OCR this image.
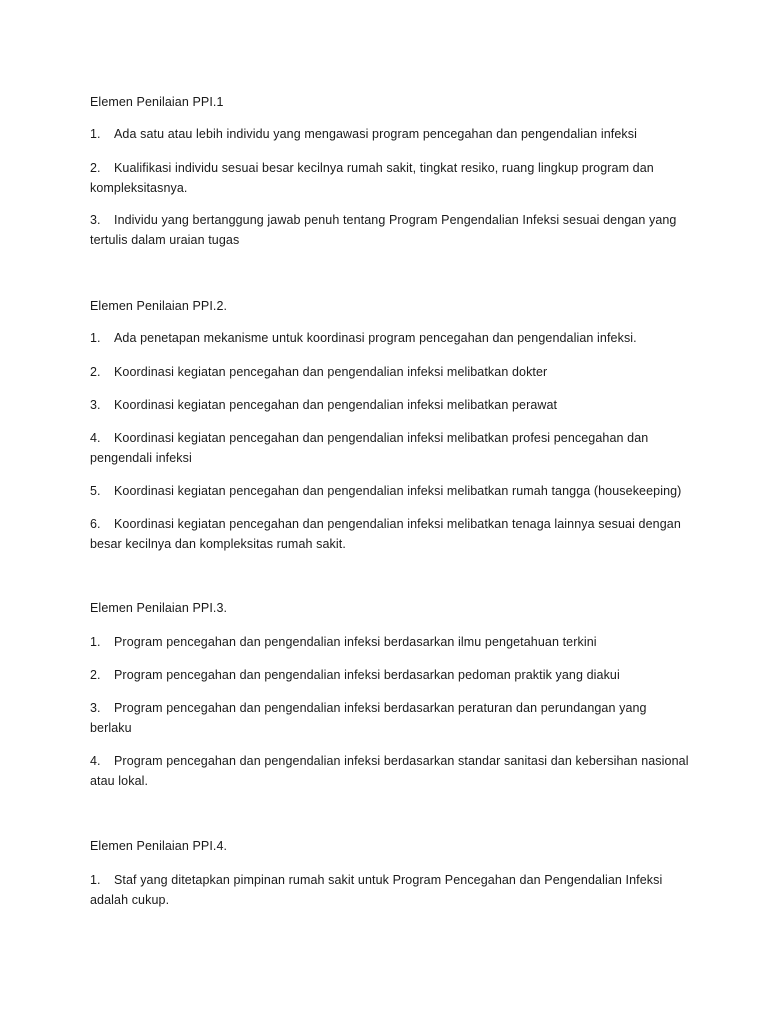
Elemen Penilaian PPI.1

1. Ada satu atau lebih individu yang mengawasi program pencegahan dan pengendalian infeksi

2. Kualifikasi individu sesuai besar kecilnya rumah sakit, tingkat resiko, ruang lingkup program dan kompleksitasnya.

3. Individu yang bertanggung jawab penuh tentang Program Pengendalian Infeksi sesuai dengan yang tertulis dalam uraian tugas

Elemen Penilaian PPI.2.

1. Ada penetapan mekanisme untuk koordinasi program pencegahan dan pengendalian infeksi.

2. Koordinasi kegiatan pencegahan dan pengendalian infeksi melibatkan dokter

3. Koordinasi kegiatan pencegahan dan pengendalian infeksi melibatkan perawat

4. Koordinasi kegiatan pencegahan dan pengendalian infeksi melibatkan profesi pencegahan dan pengendali infeksi

5. Koordinasi kegiatan pencegahan dan pengendalian infeksi melibatkan rumah tangga (housekeeping)

6. Koordinasi kegiatan pencegahan dan pengendalian infeksi melibatkan tenaga lainnya sesuai dengan besar kecilnya dan kompleksitas rumah sakit.

Elemen Penilaian PPI.3.

1. Program pencegahan dan pengendalian infeksi berdasarkan ilmu pengetahuan terkini

2. Program pencegahan dan pengendalian infeksi berdasarkan pedoman praktik yang diakui

3. Program pencegahan dan pengendalian infeksi berdasarkan peraturan dan perundangan yang berlaku

4. Program pencegahan dan pengendalian infeksi berdasarkan standar sanitasi dan kebersihan nasional atau lokal.

Elemen Penilaian PPI.4.

1. Staf yang ditetapkan pimpinan rumah sakit untuk Program Pencegahan dan Pengendalian Infeksi adalah cukup.
